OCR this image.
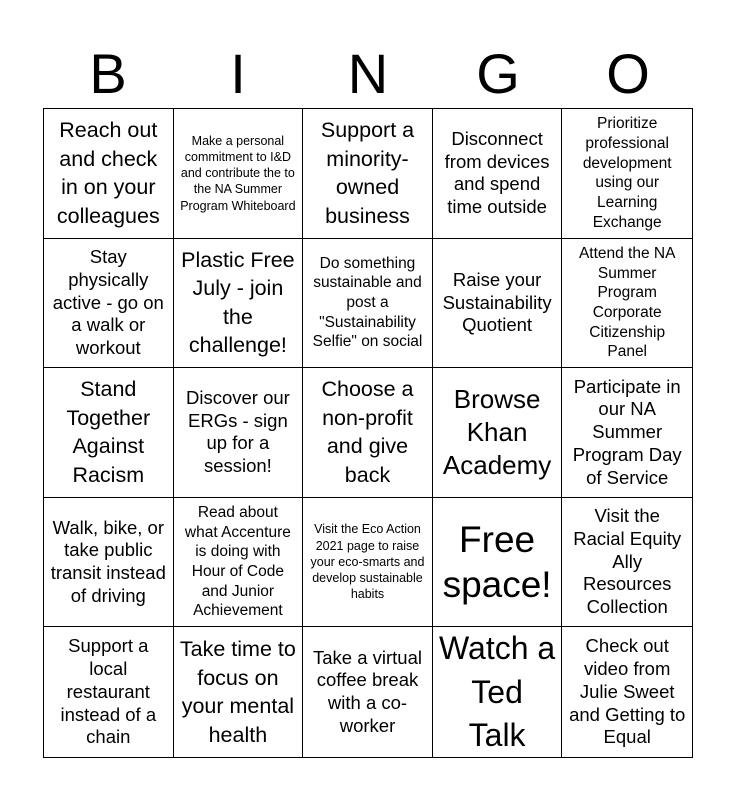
B	I	N	G	O
Reach out and check in on your colleagues
Make a personal commitment to I&D and contribute the to the NA Summer Program Whiteboard
Support a minority-owned business
Disconnect from devices and spend time outside
Prioritize professional development using our Learning Exchange
Stay physically active - go on a walk or workout
Plastic Free July - join the challenge!
Do something sustainable and post a "Sustainability Selfie" on social
Raise your Sustainability Quotient
Attend the NA Summer Program Corporate Citizenship Panel
Stand Together Against Racism
Discover our ERGs - sign up for a session!
Choose a non-profit and give back
Browse Khan Academy
Participate in our NA Summer Program Day of Service
Walk, bike, or take public transit instead of driving
Read about what Accenture is doing with Hour of Code and Junior Achievement
Visit the Eco Action 2021 page to raise your eco-smarts and develop sustainable habits
Free space!
Visit the Racial Equity Ally Resources Collection
Support a local restaurant instead of a chain
Take time to focus on your mental health
Take a virtual coffee break with a co-worker
Watch a Ted Talk
Check out video from Julie Sweet and Getting to Equal
